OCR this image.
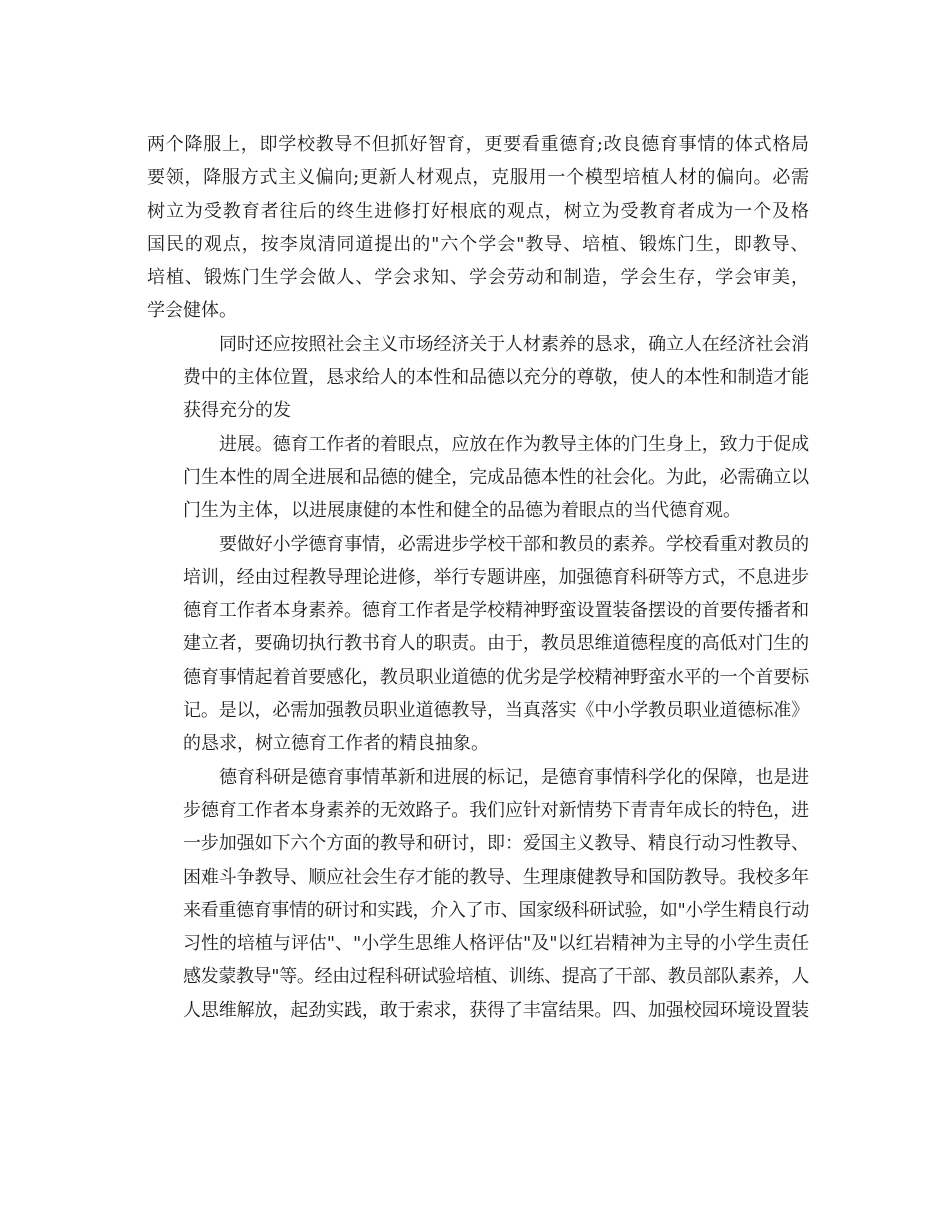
两个降服上，即学校教导不但抓好智育，更要看重德育;改良德育事情的体式格局
要领，降服方式主义偏向;更新人材观点，克服用一个模型培植人材的偏向。必需
树立为受教育者往后的终生进修打好根底的观点，树立为受教育者成为一个及格
国民的观点，按李岚清同道提出的"六个学会"教导、培植、锻炼门生，即教导、
培植、锻炼门生学会做人、学会求知、学会劳动和制造，学会生存，学会审美，
学会健体。
同时还应按照社会主义市场经济关于人材素养的恳求，确立人在经济社会消
费中的主体位置，恳求给人的本性和品德以充分的尊敬，使人的本性和制造才能
获得充分的发
进展。德育工作者的着眼点，应放在作为教导主体的门生身上，致力于促成
门生本性的周全进展和品德的健全，完成品德本性的社会化。为此，必需确立以
门生为主体，以进展康健的本性和健全的品德为着眼点的当代德育观。
要做好小学德育事情，必需进步学校干部和教员的素养。学校看重对教员的
培训，经由过程教导理论进修，举行专题讲座，加强德育科研等方式，不息进步
德育工作者本身素养。德育工作者是学校精神野蛮设置装备摆设的首要传播者和
建立者，要确切执行教书育人的职责。由于，教员思维道德程度的高低对门生的
德育事情起着首要感化，教员职业道德的优劣是学校精神野蛮水平的一个首要标
记。是以，必需加强教员职业道德教导，当真落实《中小学教员职业道德标准》
的恳求，树立德育工作者的精良抽象。
德育科研是德育事情革新和进展的标记，是德育事情科学化的保障，也是进
步德育工作者本身素养的无效路子。我们应针对新情势下青青年成长的特色，进
一步加强如下六个方面的教导和研讨，即：爱国主义教导、精良行动习性教导、
困难斗争教导、顺应社会生存才能的教导、生理康健教导和国防教导。我校多年
来看重德育事情的研讨和实践，介入了市、国家级科研试验，如"小学生精良行动
习性的培植与评估"、"小学生思维人格评估"及"以红岩精神为主导的小学生责任
感发蒙教导"等。经由过程科研试验培植、训练、提高了干部、教员部队素养，人
人思维解放，起劲实践，敢于索求，获得了丰富结果。四、加强校园环境设置装
